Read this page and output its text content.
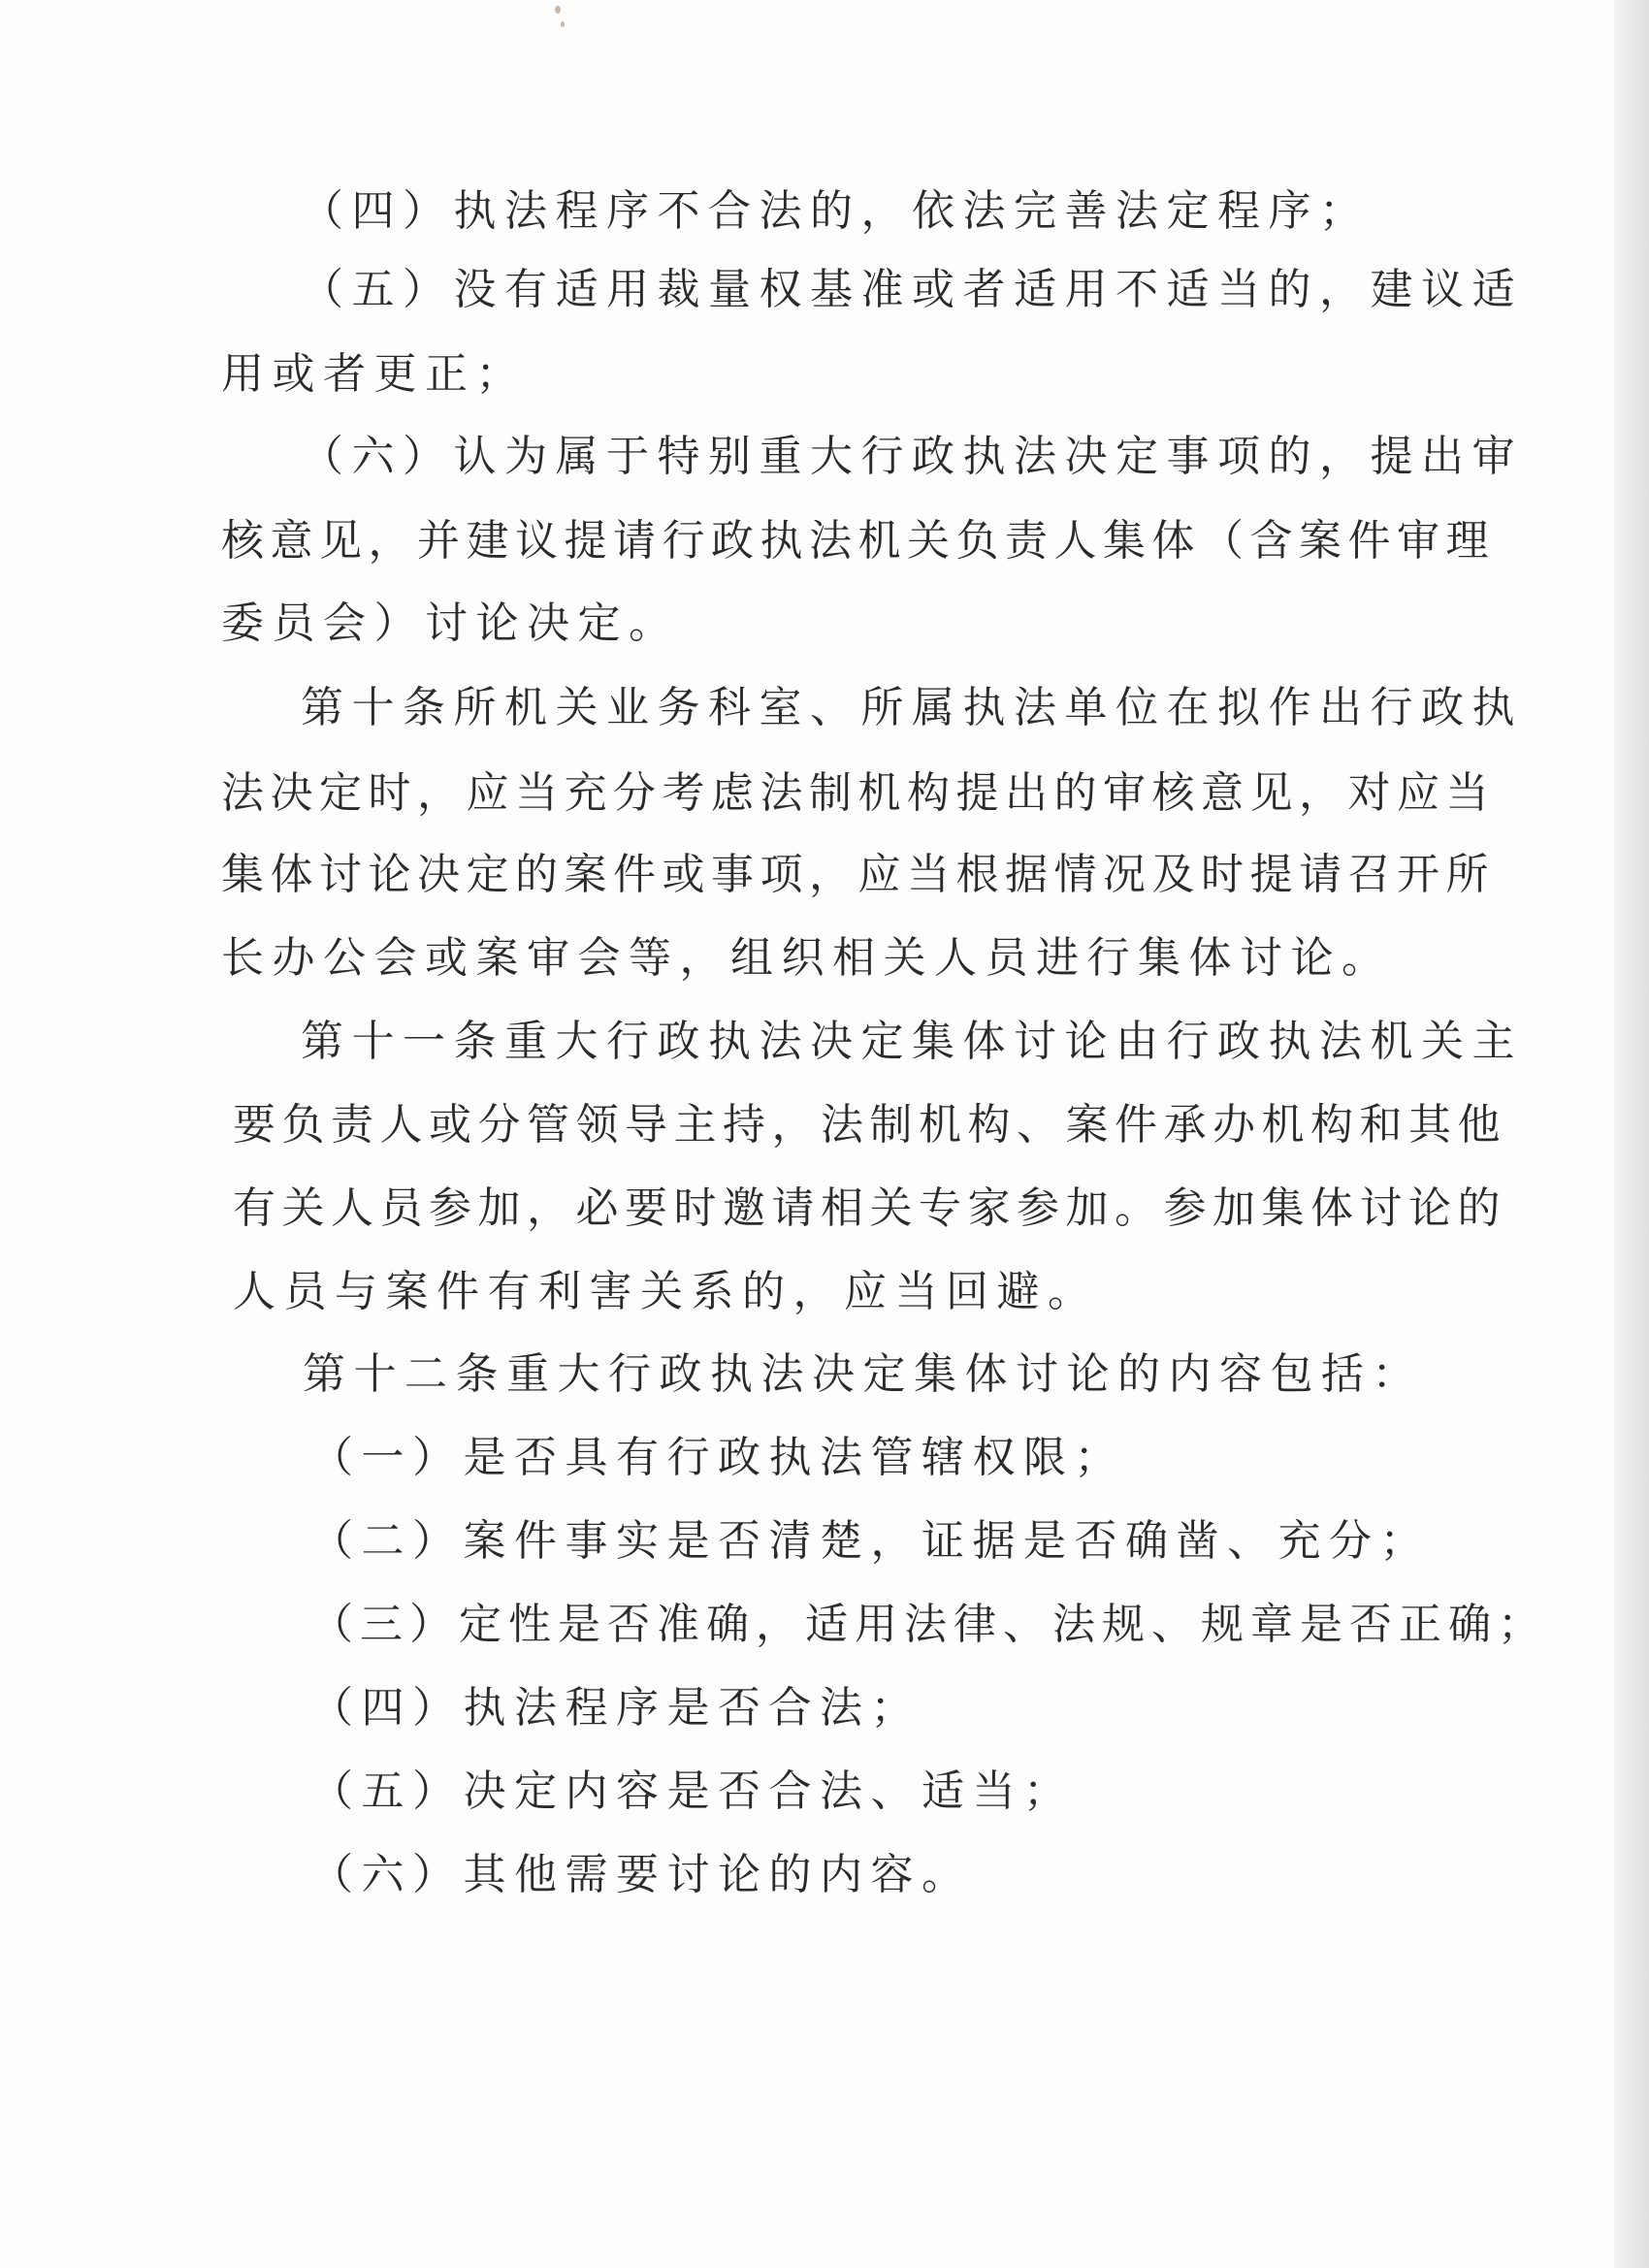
（四）执法程序不合法的，依法完善法定程序；

（五）没有适用裁量权基准或者适用不适当的，建议适

用或者更正；

（六）认为属于特别重大行政执法决定事项的，提出审

核意见，并建议提请行政执法机关负责人集体（含案件审理

委员会）讨论决定。

第十条所机关业务科室、所属执法单位在拟作出行政执

法决定时，应当充分考虑法制机构提出的审核意见，对应当

集体讨论决定的案件或事项，应当根据情况及时提请召开所

长办公会或案审会等，组织相关人员进行集体讨论。

第十一条重大行政执法决定集体讨论由行政执法机关主

要负责人或分管领导主持，法制机构、案件承办机构和其他

有关人员参加，必要时邀请相关专家参加。参加集体讨论的

人员与案件有利害关系的，应当回避。

第十二条重大行政执法决定集体讨论的内容包括：

（一）是否具有行政执法管辖权限；

（二）案件事实是否清楚，证据是否确凿、充分；

（三）定性是否准确，适用法律、法规、规章是否正确；

（四）执法程序是否合法；

（五）决定内容是否合法、适当；

（六）其他需要讨论的内容。
